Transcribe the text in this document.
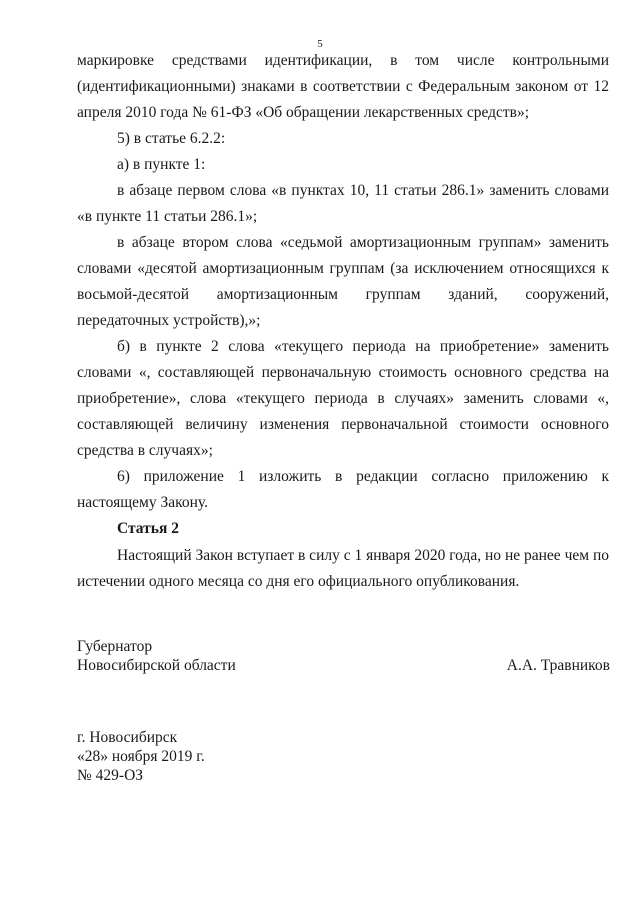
5

маркировке средствами идентификации, в том числе контрольными (идентификационными) знаками в соответствии с Федеральным законом от 12 апреля 2010 года № 61-ФЗ «Об обращении лекарственных средств»;

5) в статье 6.2.2:

а) в пункте 1:

в абзаце первом слова «в пунктах 10, 11 статьи 286.1» заменить словами «в пункте 11 статьи 286.1»;

в абзаце втором слова «седьмой амортизационным группам» заменить словами «десятой амортизационным группам (за исключением относящихся к восьмой-десятой амортизационным группам зданий, сооружений, передаточных устройств),»;

б) в пункте 2 слова «текущего периода на приобретение» заменить словами «, составляющей первоначальную стоимость основного средства на приобретение», слова «текущего периода в случаях» заменить словами «, составляющей величину изменения первоначальной стоимости основного средства в случаях»;

6) приложение 1 изложить в редакции согласно приложению к настоящему Закону.

Статья 2

Настоящий Закон вступает в силу с 1 января 2020 года, но не ранее чем по истечении одного месяца со дня его официального опубликования.

Губернатор
Новосибирской области	А.А. Травников
г. Новосибирск
«28» ноября 2019 г.
№ 429-ОЗ
